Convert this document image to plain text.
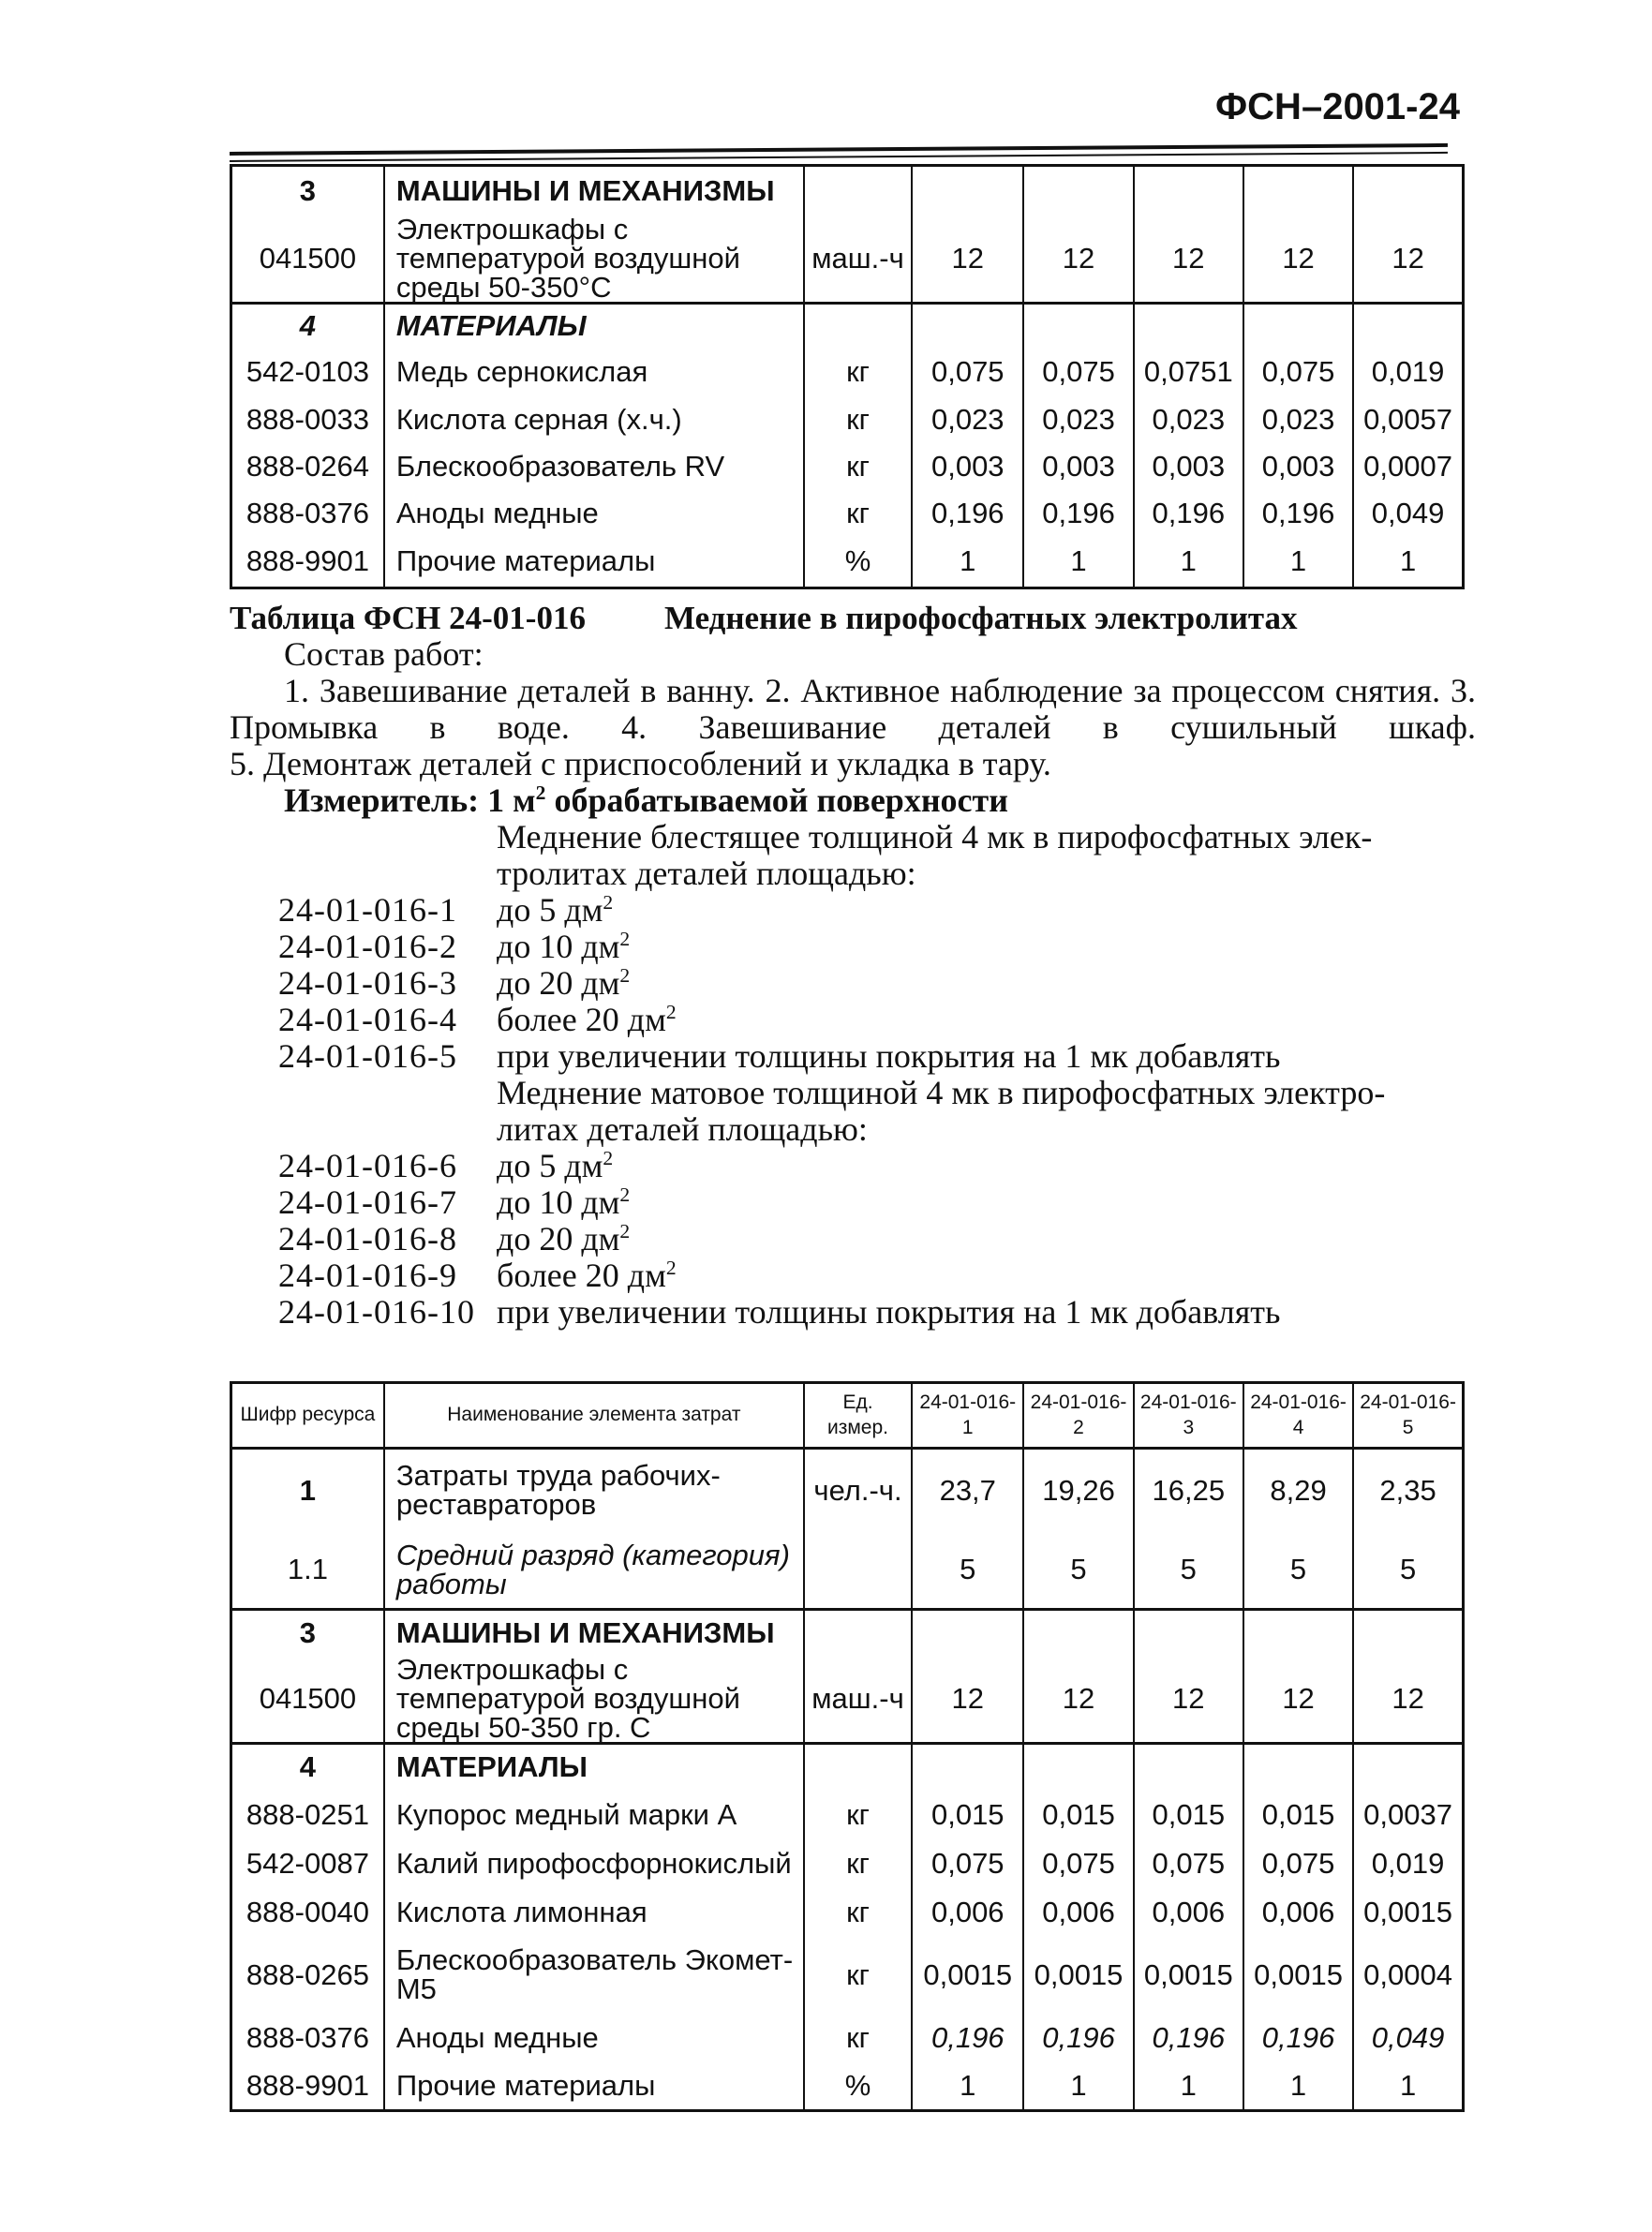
ФСН–2001-24
3	МАШИНЫ И МЕХАНИЗМЫ						
041500	Электрошкафы с температурой воздушной среды 50-350°C	маш.-ч	12	12	12	12	12
4	МАТЕРИАЛЫ						
542-0103	Медь сернокислая	кг	0,075	0,075	0,0751	0,075	0,019
888-0033	Кислота серная (х.ч.)	кг	0,023	0,023	0,023	0,023	0,0057
888-0264	Блескообразователь RV	кг	0,003	0,003	0,003	0,003	0,0007
888-0376	Аноды медные	кг	0,196	0,196	0,196	0,196	0,049
888-9901	Прочие материалы	%	1	1	1	1	1

Таблица ФСН 24-01-016 Меднение в пирофосфатных электролитах

Состав работ:

1. Завешивание деталей в ванну. 2. Активное наблюдение за процессом снятия. 3. Промывка в воде. 4. Завешивание деталей в сушильный шкаф.

5. Демонтаж деталей с приспособлений и укладка в тару.

Измеритель: 1 $м^2$ обрабатываемой поверхности

Меднение блестящее толщиной 4 мк в пирофосфатных элек-

тролитах деталей площадью:

24-01-016-1	до 5 $дм^2$
24-01-016-2	до 10 $дм^2$
24-01-016-3	до 20 $дм^2$
24-01-016-4	более 20 $дм^2$
24-01-016-5	при увеличении толщины покрытия на 1 мк добавлять

Меднение матовое толщиной 4 мк в пирофосфатных электро-

литах деталей площадью:

24-01-016-6	до 5 $дм^2$
24-01-016-7	до 10 $дм^2$
24-01-016-8	до 20 $дм^2$
24-01-016-9	более 20 $дм^2$
24-01-016-10 при увеличении толщины покрытия на 1 мк добавлять
Шифр ресурса	Наименование элемента затрат	Ед. измер.	24-01-016-1	24-01-016-2	24-01-016-3	24-01-016-4	24-01-016-5
1	Затраты труда рабочих-реставраторов	чел.-ч.	23,7	19,26	16,25	8,29	2,35
1.1	Средний разряд (категория) работы		5	5	5	5	5
3	МАШИНЫ И МЕХАНИЗМЫ						
041500	Электрошкафы с температурой воздушной среды 50-350 гр. С	маш.-ч	12	12	12	12	12
4	МАТЕРИАЛЫ						
888-0251	Купорос медный марки А	кг	0,015	0,015	0,015	0,015	0,0037
542-0087	Калий пирофосфорнокислый	кг	0,075	0,075	0,075	0,075	0,019
888-0040	Кислота лимонная	кг	0,006	0,006	0,006	0,006	0,0015
888-0265	Блескообразователь Экомет-М5	кг	0,0015	0,0015	0,0015	0,0015	0,0004
888-0376	Аноды медные	кг	0,196	0,196	0,196	0,196	0,049
888-9901	Прочие материалы	%	1	1	1	1	1
